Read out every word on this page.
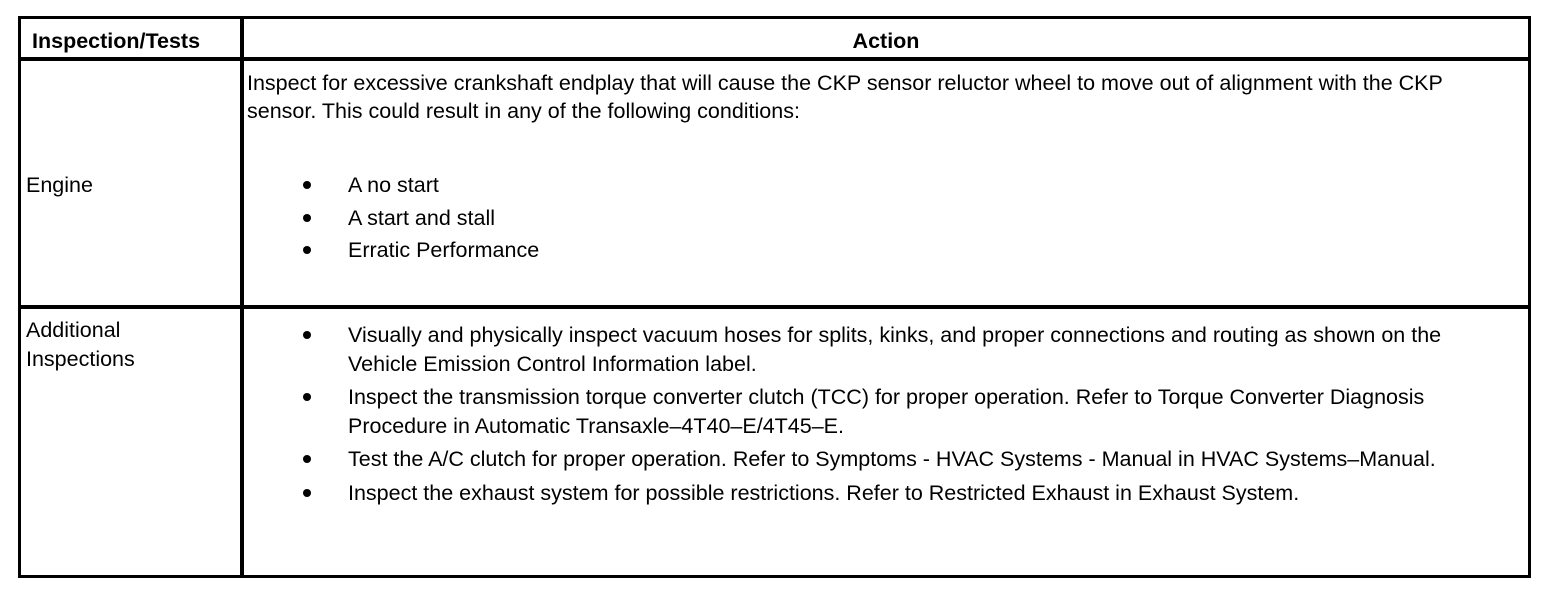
Inspection/Tests	Action
Engine
Inspect for excessive crankshaft endplay that will cause the CKP sensor reluctor wheel to move out of alignment with the CKP sensor. This could result in any of the following conditions:
A no start
A start and stall
Erratic Performance
Additional
Inspections
Visually and physically inspect vacuum hoses for splits, kinks, and proper connections and routing as shown on the Vehicle Emission Control Information label.
Inspect the transmission torque converter clutch (TCC) for proper operation. Refer to Torque Converter Diagnosis Procedure in Automatic Transaxle–4T40–E/4T45–E.
Test the A/C clutch for proper operation. Refer to Symptoms - HVAC Systems - Manual in HVAC Systems–Manual.
Inspect the exhaust system for possible restrictions. Refer to Restricted Exhaust in Exhaust System.
